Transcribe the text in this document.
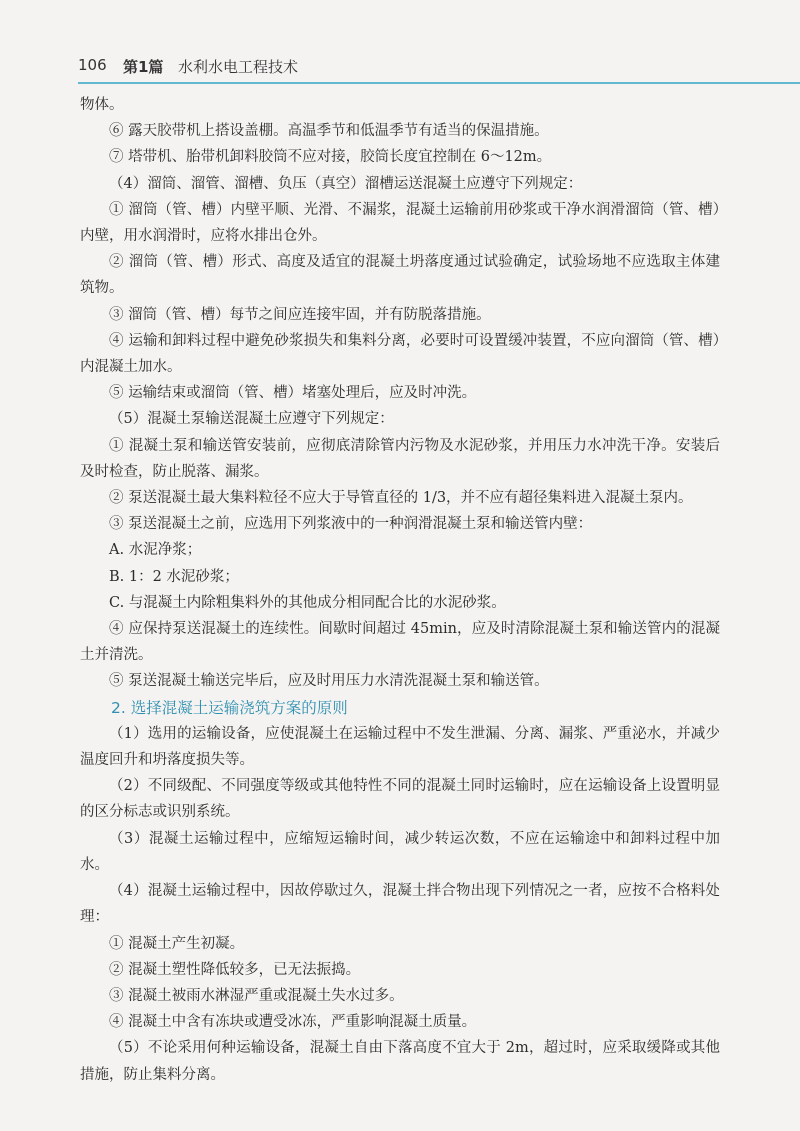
106 第1篇 水利水电工程技术

物体。

⑥ 露天胶带机上搭设盖棚。高温季节和低温季节有适当的保温措施。

⑦ 塔带机、胎带机卸料胶筒不应对接，胶筒长度宜控制在 6～12m。

（4）溜筒、溜管、溜槽、负压（真空）溜槽运送混凝土应遵守下列规定：

① 溜筒（管、槽）内壁平顺、光滑、不漏浆，混凝土运输前用砂浆或干净水润滑溜筒（管、槽）内壁，用水润滑时，应将水排出仓外。

② 溜筒（管、槽）形式、高度及适宜的混凝土坍落度通过试验确定，试验场地不应选取主体建筑物。

③ 溜筒（管、槽）每节之间应连接牢固，并有防脱落措施。

④ 运输和卸料过程中避免砂浆损失和集料分离，必要时可设置缓冲装置，不应向溜筒（管、槽）内混凝土加水。

⑤ 运输结束或溜筒（管、槽）堵塞处理后，应及时冲洗。

（5）混凝土泵输送混凝土应遵守下列规定：

① 混凝土泵和输送管安装前，应彻底清除管内污物及水泥砂浆，并用压力水冲洗干净。安装后及时检查，防止脱落、漏浆。

② 泵送混凝土最大集料粒径不应大于导管直径的 1/3，并不应有超径集料进入混凝土泵内。

③ 泵送混凝土之前，应选用下列浆液中的一种润滑混凝土泵和输送管内壁：

A. 水泥净浆；

B. 1：2 水泥砂浆；

C. 与混凝土内除粗集料外的其他成分相同配合比的水泥砂浆。

④ 应保持泵送混凝土的连续性。间歇时间超过 45min，应及时清除混凝土泵和输送管内的混凝土并清洗。

⑤ 泵送混凝土输送完毕后，应及时用压力水清洗混凝土泵和输送管。

2. 选择混凝土运输浇筑方案的原则

（1）选用的运输设备，应使混凝土在运输过程中不发生泄漏、分离、漏浆、严重泌水，并减少温度回升和坍落度损失等。

（2）不同级配、不同强度等级或其他特性不同的混凝土同时运输时，应在运输设备上设置明显的区分标志或识别系统。

（3）混凝土运输过程中，应缩短运输时间，减少转运次数，不应在运输途中和卸料过程中加水。

（4）混凝土运输过程中，因故停歇过久，混凝土拌合物出现下列情况之一者，应按不合格料处理：

① 混凝土产生初凝。

② 混凝土塑性降低较多，已无法振捣。

③ 混凝土被雨水淋湿严重或混凝土失水过多。

④ 混凝土中含有冻块或遭受冰冻，严重影响混凝土质量。

（5）不论采用何种运输设备，混凝土自由下落高度不宜大于 2m，超过时，应采取缓降或其他措施，防止集料分离。
